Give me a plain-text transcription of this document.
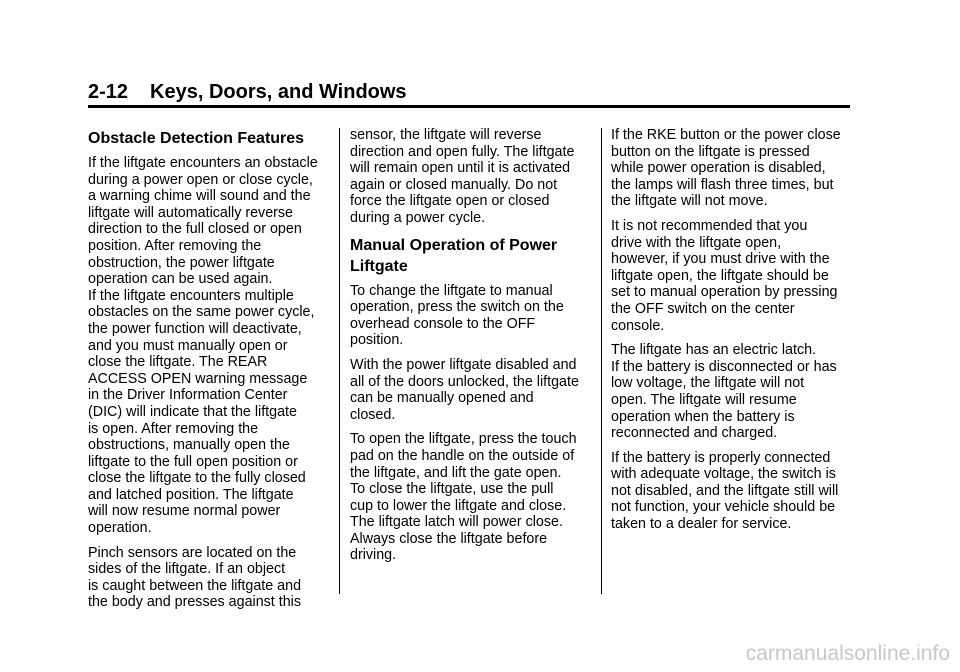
2-12 Keys, Doors, and Windows
Obstacle Detection Features

If the liftgate encounters an obstacle
during a power open or close cycle,
a warning chime will sound and the
liftgate will automatically reverse
direction to the full closed or open
position. After removing the
obstruction, the power liftgate
operation can be used again.

If the liftgate encounters multiple
obstacles on the same power cycle,
the power function will deactivate,
and you must manually open or
close the liftgate. The REAR
ACCESS OPEN warning message
in the Driver Information Center
(DIC) will indicate that the liftgate
is open. After removing the
obstructions, manually open the
liftgate to the full open position or
close the liftgate to the fully closed
and latched position. The liftgate
will now resume normal power
operation.

Pinch sensors are located on the
sides of the liftgate. If an object
is caught between the liftgate and
the body and presses against this

sensor, the liftgate will reverse
direction and open fully. The liftgate
will remain open until it is activated
again or closed manually. Do not
force the liftgate open or closed
during a power cycle.

Manual Operation of Power
Liftgate

To change the liftgate to manual
operation, press the switch on the
overhead console to the OFF
position.

With the power liftgate disabled and
all of the doors unlocked, the liftgate
can be manually opened and
closed.

To open the liftgate, press the touch
pad on the handle on the outside of
the liftgate, and lift the gate open.

To close the liftgate, use the pull
cup to lower the liftgate and close.
The liftgate latch will power close.
Always close the liftgate before
driving.

If the RKE button or the power close
button on the liftgate is pressed
while power operation is disabled,
the lamps will flash three times, but
the liftgate will not move.

It is not recommended that you
drive with the liftgate open,
however, if you must drive with the
liftgate open, the liftgate should be
set to manual operation by pressing
the OFF switch on the center
console.

The liftgate has an electric latch.

If the battery is disconnected or has
low voltage, the liftgate will not
open. The liftgate will resume
operation when the battery is
reconnected and charged.

If the battery is properly connected
with adequate voltage, the switch is
not disabled, and the liftgate still will
not function, your vehicle should be
taken to a dealer for service.

carmanualsonline.info
